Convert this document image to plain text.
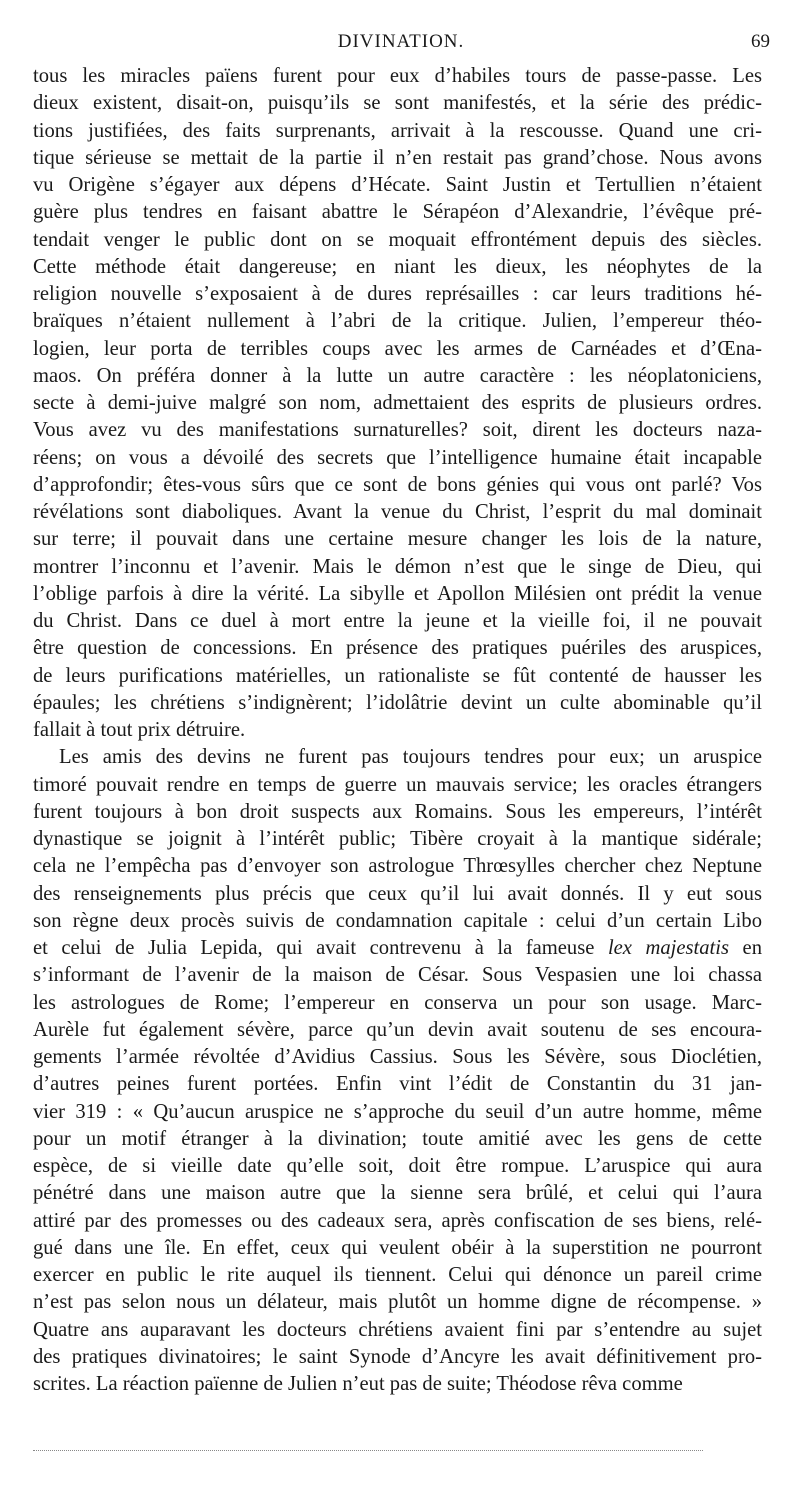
DIVINATION.	69

tous les miracles païens furent pour eux d’habiles tours de passe-passe. Les
dieux existent, disait-on, puisqu’ils se sont manifestés, et la série des prédic-
tions justifiées, des faits surprenants, arrivait à la rescousse. Quand une cri-
tique sérieuse se mettait de la partie il n’en restait pas grand’chose. Nous avons
vu Origène s’égayer aux dépens d’Hécate. Saint Justin et Tertullien n’étaient
guère plus tendres en faisant abattre le Sérapéon d’Alexandrie, l’évêque pré-
tendait venger le public dont on se moquait effrontément depuis des siècles.
Cette méthode était dangereuse; en niant les dieux, les néophytes de la
religion nouvelle s’exposaient à de dures représailles : car leurs traditions hé-
braïques n’étaient nullement à l’abri de la critique. Julien, l’empereur théo-
logien, leur porta de terribles coups avec les armes de Carnéades et d’Œna-
maos. On préféra donner à la lutte un autre caractère : les néoplatoniciens,
secte à demi-juive malgré son nom, admettaient des esprits de plusieurs ordres.
Vous avez vu des manifestations surnaturelles? soit, dirent les docteurs naza-
réens; on vous a dévoilé des secrets que l’intelligence humaine était incapable
d’approfondir; êtes-vous sûrs que ce sont de bons génies qui vous ont parlé? Vos
révélations sont diaboliques. Avant la venue du Christ, l’esprit du mal dominait
sur terre; il pouvait dans une certaine mesure changer les lois de la nature,
montrer l’inconnu et l’avenir. Mais le démon n’est que le singe de Dieu, qui
l’oblige parfois à dire la vérité. La sibylle et Apollon Milésien ont prédit la venue
du Christ. Dans ce duel à mort entre la jeune et la vieille foi, il ne pouvait
être question de concessions. En présence des pratiques puériles des aruspices,
de leurs purifications matérielles, un rationaliste se fût contenté de hausser les
épaules; les chrétiens s’indignèrent; l’idolâtrie devint un culte abominable qu’il
fallait à tout prix détruire.

Les amis des devins ne furent pas toujours tendres pour eux; un aruspice
timoré pouvait rendre en temps de guerre un mauvais service; les oracles étrangers
furent toujours à bon droit suspects aux Romains. Sous les empereurs, l’intérêt
dynastique se joignit à l’intérêt public; Tibère croyait à la mantique sidérale;
cela ne l’empêcha pas d’envoyer son astrologue Thrœsylles chercher chez Neptune
des renseignements plus précis que ceux qu’il lui avait donnés. Il y eut sous
son règne deux procès suivis de condamnation capitale : celui d’un certain Libo
et celui de Julia Lepida, qui avait contrevenu à la fameuse lex majestatis en
s’informant de l’avenir de la maison de César. Sous Vespasien une loi chassa
les astrologues de Rome; l’empereur en conserva un pour son usage. Marc-
Aurèle fut également sévère, parce qu’un devin avait soutenu de ses encoura-
gements l’armée révoltée d’Avidius Cassius. Sous les Sévère, sous Dioclétien,
d’autres peines furent portées. Enfin vint l’édit de Constantin du 31 jan-
vier 319 : « Qu’aucun aruspice ne s’approche du seuil d’un autre homme, même
pour un motif étranger à la divination; toute amitié avec les gens de cette
espèce, de si vieille date qu’elle soit, doit être rompue. L’aruspice qui aura
pénétré dans une maison autre que la sienne sera brûlé, et celui qui l’aura
attiré par des promesses ou des cadeaux sera, après confiscation de ses biens, relé-
gué dans une île. En effet, ceux qui veulent obéir à la superstition ne pourront
exercer en public le rite auquel ils tiennent. Celui qui dénonce un pareil crime
n’est pas selon nous un délateur, mais plutôt un homme digne de récompense. »
Quatre ans auparavant les docteurs chrétiens avaient fini par s’entendre au sujet
des pratiques divinatoires; le saint Synode d’Ancyre les avait définitivement pro-
scrites. La réaction païenne de Julien n’eut pas de suite; Théodose rêva comme
